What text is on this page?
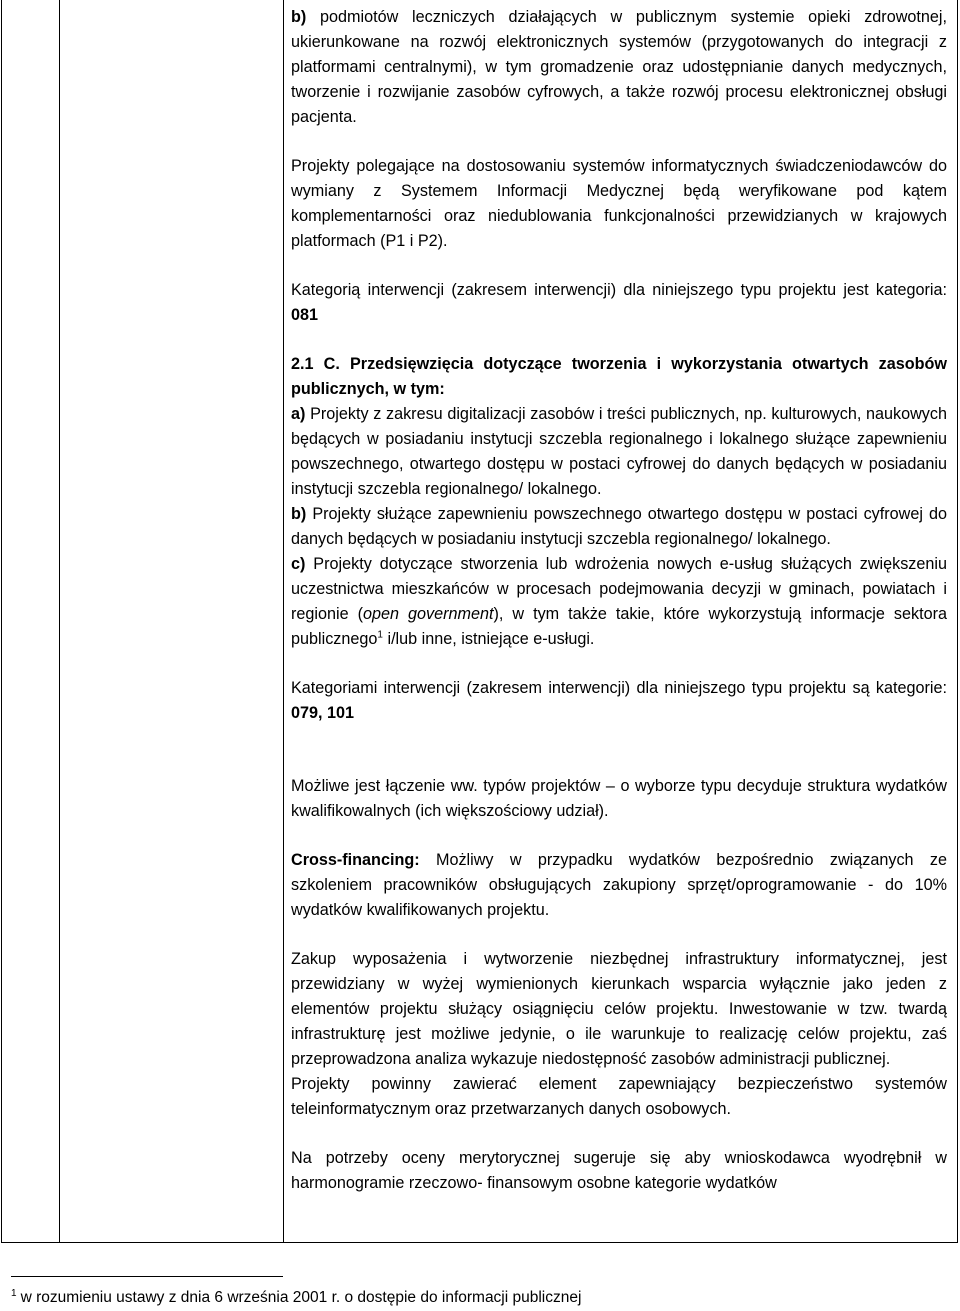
b) podmiotów leczniczych działających w publicznym systemie opieki zdrowotnej, ukierunkowane na rozwój elektronicznych systemów (przygotowanych do integracji z platformami centralnymi), w tym gromadzenie oraz udostępnianie danych medycznych, tworzenie i rozwijanie zasobów cyfrowych, a także rozwój procesu elektronicznej obsługi pacjenta.

Projekty polegające na dostosowaniu systemów informatycznych świadczeniodawców do wymiany z Systemem Informacji Medycznej będą weryfikowane pod kątem komplementarności oraz niedublowania funkcjonalności przewidzianych w krajowych platformach (P1 i P2).

Kategorią interwencji (zakresem interwencji) dla niniejszego typu projektu jest kategoria: 081

2.1 C. Przedsięwzięcia dotyczące tworzenia i wykorzystania otwartych zasobów publicznych, w tym:

a) Projekty z zakresu digitalizacji zasobów i treści publicznych, np. kulturowych, naukowych będących w posiadaniu instytucji szczebla regionalnego i lokalnego służące zapewnieniu powszechnego, otwartego dostępu w postaci cyfrowej do danych będących w posiadaniu instytucji szczebla regionalnego/ lokalnego.

b) Projekty służące zapewnieniu powszechnego otwartego dostępu w postaci cyfrowej do danych będących w posiadaniu instytucji szczebla regionalnego/ lokalnego.

c) Projekty dotyczące stworzenia lub wdrożenia nowych e-usług służących zwiększeniu uczestnictwa mieszkańców w procesach podejmowania decyzji w gminach, powiatach i regionie (open government), w tym także takie, które wykorzystują informacje sektora publicznego$^1$ i/lub inne, istniejące e-usługi.

Kategoriami interwencji (zakresem interwencji) dla niniejszego typu projektu są kategorie: 079, 101

Możliwe jest łączenie ww. typów projektów – o wyborze typu decyduje struktura wydatków kwalifikowalnych (ich większościowy udział).

Cross-financing: Możliwy w przypadku wydatków bezpośrednio związanych ze szkoleniem pracowników obsługujących zakupiony sprzęt/oprogramowanie - do 10% wydatków kwalifikowanych projektu.

Zakup wyposażenia i wytworzenie niezbędnej infrastruktury informatycznej, jest przewidziany w wyżej wymienionych kierunkach wsparcia wyłącznie jako jeden z elementów projektu służący osiągnięciu celów projektu. Inwestowanie w tzw. twardą infrastrukturę jest możliwe jedynie, o ile warunkuje to realizację celów projektu, zaś przeprowadzona analiza wykazuje niedostępność zasobów administracji publicznej.

Projekty powinny zawierać element zapewniający bezpieczeństwo systemów teleinformatycznym oraz przetwarzanych danych osobowych.

Na potrzeby oceny merytorycznej sugeruje się aby wnioskodawca wyodrębnił w harmonogramie rzeczowo- finansowym osobne kategorie wydatków

$^1$ w rozumieniu ustawy z dnia 6 września 2001 r. o dostępie do informacji publicznej
